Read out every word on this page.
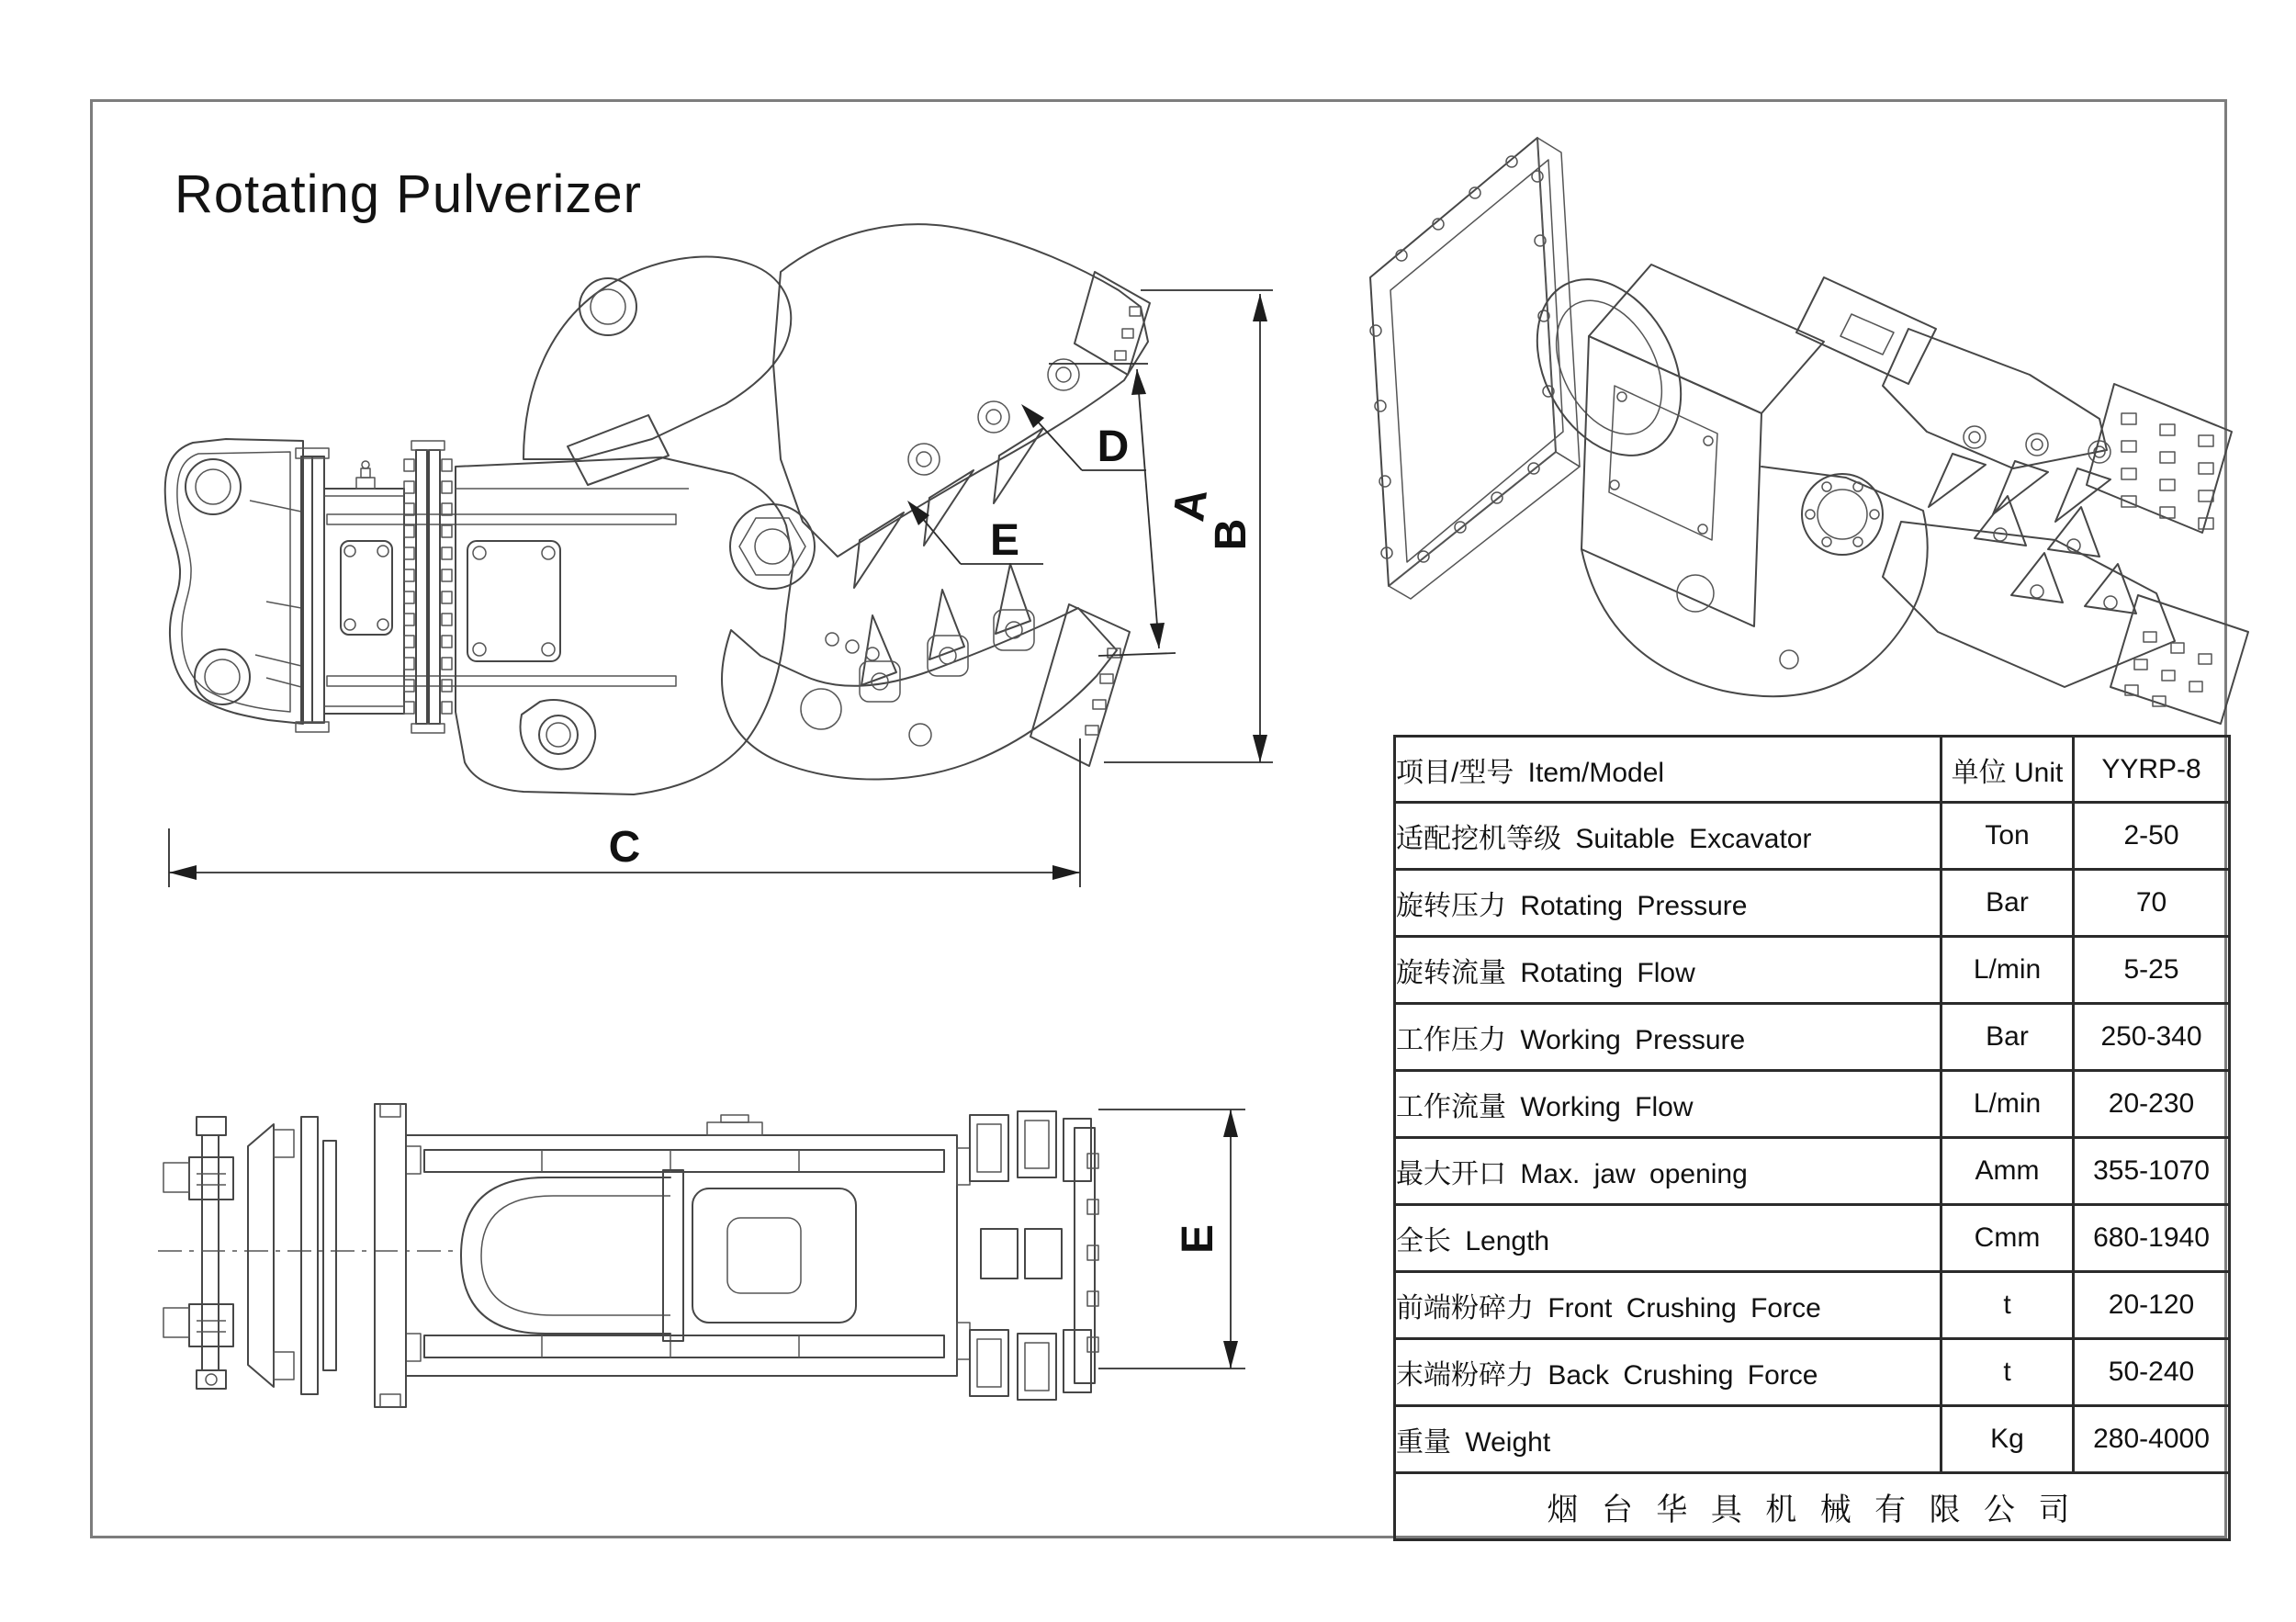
Rotating Pulverizer
C
B
A
D
E
E
项目/型号 Item/Model	单位 Unit	YYRP-8
适配挖机等级 Suitable Excavator	Ton	2-50
旋转压力 Rotating Pressure	Bar	70
旋转流量 Rotating Flow	L/min	5-25
工作压力 Working Pressure	Bar	250-340
工作流量 Working Flow	L/min	20-230
最大开口 Max. jaw opening	Amm	355-1070
全长 Length	Cmm	680-1940
前端粉碎力 Front Crushing Force	t	20-120
末端粉碎力 Back Crushing Force	t	50-240
重量 Weight	Kg	280-4000
烟 台 华 具 机 械 有 限 公 司		
